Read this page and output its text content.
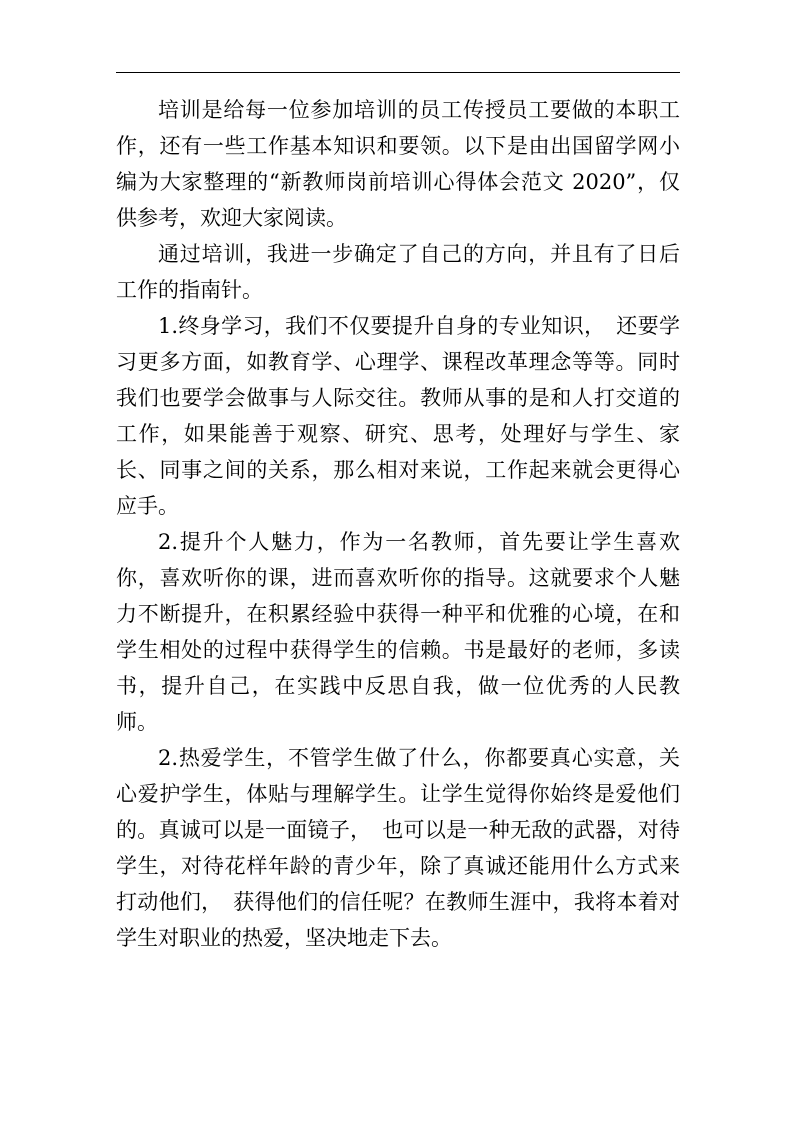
培训是给每一位参加培训的员工传授员工要做的本职工作，还有一些工作基本知识和要领。以下是由出国留学网小编为大家整理的“新教师岗前培训心得体会范文 2020”，仅供参考，欢迎大家阅读。

通过培训，我进一步确定了自己的方向，并且有了日后工作的指南针。

1.终身学习，我们不仅要提升自身的专业知识，　还要学习更多方面，如教育学、心理学、课程改革理念等等。同时我们也要学会做事与人际交往。教师从事的是和人打交道的工作，如果能善于观察、研究、思考，处理好与学生、家长、同事之间的关系，那么相对来说，工作起来就会更得心应手。

2.提升个人魅力，作为一名教师，首先要让学生喜欢你，喜欢听你的课，进而喜欢听你的指导。这就要求个人魅力不断提升，在积累经验中获得一种平和优雅的心境，在和学生相处的过程中获得学生的信赖。书是最好的老师，多读书，提升自己，在实践中反思自我，做一位优秀的人民教师。

2.热爱学生，不管学生做了什么，你都要真心实意，关心爱护学生，体贴与理解学生。让学生觉得你始终是爱他们的。真诚可以是一面镜子，　也可以是一种无敌的武器，对待学生，对待花样年龄的青少年，除了真诚还能用什么方式来打动他们，　获得他们的信任呢？在教师生涯中，我将本着对学生对职业的热爱，坚决地走下去。
